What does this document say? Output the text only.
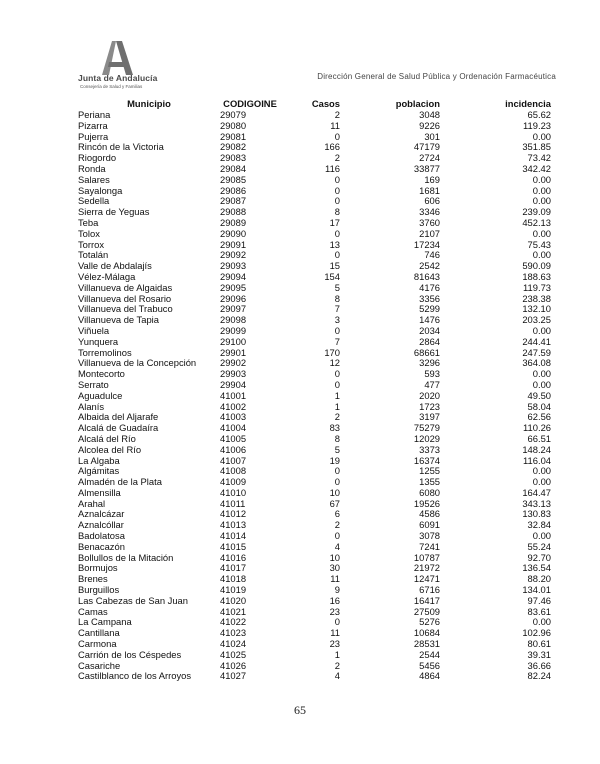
Junta de Andalucía
Consejería de Salud y Familias
Dirección General de Salud Pública y Ordenación Farmacéutica
Municipio	CODIGOINE	Casos	poblacion	incidencia
Periana	29079	2	3048	65.62
Pizarra	29080	11	9226	119.23
Pujerra	29081	0	301	0.00
Rincón de la Victoria	29082	166	47179	351.85
Riogordo	29083	2	2724	73.42
Ronda	29084	116	33877	342.42
Salares	29085	0	169	0.00
Sayalonga	29086	0	1681	0.00
Sedella	29087	0	606	0.00
Sierra de Yeguas	29088	8	3346	239.09
Teba	29089	17	3760	452.13
Tolox	29090	0	2107	0.00
Torrox	29091	13	17234	75.43
Totalán	29092	0	746	0.00
Valle de Abdalajís	29093	15	2542	590.09
Vélez-Málaga	29094	154	81643	188.63
Villanueva de Algaidas	29095	5	4176	119.73
Villanueva del Rosario	29096	8	3356	238.38
Villanueva del Trabuco	29097	7	5299	132.10
Villanueva de Tapia	29098	3	1476	203.25
Viñuela	29099	0	2034	0.00
Yunquera	29100	7	2864	244.41
Torremolinos	29901	170	68661	247.59
Villanueva de la Concepción	29902	12	3296	364.08
Montecorto	29903	0	593	0.00
Serrato	29904	0	477	0.00
Aguadulce	41001	1	2020	49.50
Alanís	41002	1	1723	58.04
Albaida del Aljarafe	41003	2	3197	62.56
Alcalá de Guadaíra	41004	83	75279	110.26
Alcalá del Río	41005	8	12029	66.51
Alcolea del Río	41006	5	3373	148.24
La Algaba	41007	19	16374	116.04
Algámitas	41008	0	1255	0.00
Almadén de la Plata	41009	0	1355	0.00
Almensilla	41010	10	6080	164.47
Arahal	41011	67	19526	343.13
Aznalcázar	41012	6	4586	130.83
Aznalcóllar	41013	2	6091	32.84
Badolatosa	41014	0	3078	0.00
Benacazón	41015	4	7241	55.24
Bollullos de la Mitación	41016	10	10787	92.70
Bormujos	41017	30	21972	136.54
Brenes	41018	11	12471	88.20
Burguillos	41019	9	6716	134.01
Las Cabezas de San Juan	41020	16	16417	97.46
Camas	41021	23	27509	83.61
La Campana	41022	0	5276	0.00
Cantillana	41023	11	10684	102.96
Carmona	41024	23	28531	80.61
Carrión de los Céspedes	41025	1	2544	39.31
Casariche	41026	2	5456	36.66
Castilblanco de los Arroyos	41027	4	4864	82.24
65
